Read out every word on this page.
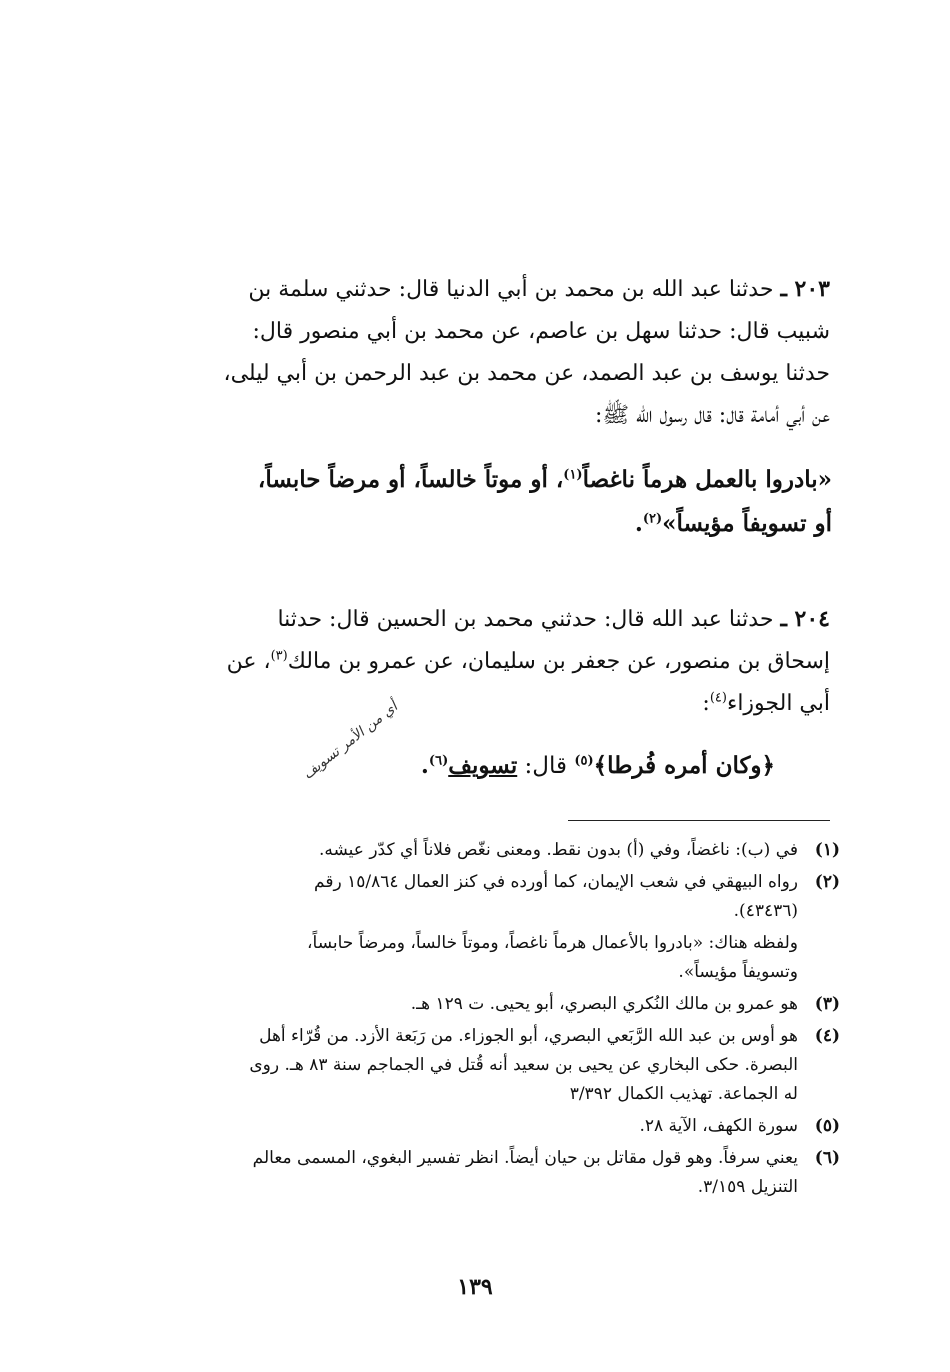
٢٠٣ ـ حدثنا عبد الله بن محمد بن أبي الدنيا قال: حدثني سلمة بن
شبيب قال: حدثنا سهل بن عاصم، عن محمد بن أبي منصور قال:
حدثنا يوسف بن عبد الصمد، عن محمد بن عبد الرحمن بن أبي ليلى،
عن أبي أمامة قال: قال رسول الله ﷺ:
«بادروا بالعمل هرماً ناغصاً$^{(١)}$، أو موتاً خالساً، أو مرضاً حابساً،
أو تسويفاً مؤيساً»$^{(٢)}$.
٢٠٤ ـ حدثنا عبد الله قال: حدثني محمد بن الحسين قال: حدثنا
إسحاق بن منصور، عن جعفر بن سليمان، عن عمرو بن مالك$^{(٣)}$، عن
أبي الجوزاء$^{(٤)}$:
﴿وكان أمره فُرطا﴾$^{(٥)}$ قال: تسويف$^{(٦)}$.
أي من الأمر تسويف
(١)
في (ب): ناغضاً، وفي (أ) بدون نقط. ومعنى نغّص فلاناً أي كدّر عيشه.
(٢)
رواه البيهقي في شعب الإيمان، كما أورده في كنز العمال ١٥/٨٦٤ رقم
(٤٣٤٣٦).
ولفظه هناك: «بادروا بالأعمال هرماً ناغصاً، وموتاً خالساً، ومرضاً حابساً،
وتسويفاً مؤيساً».
(٣)
هو عمرو بن مالك النُكري البصري، أبو يحيى. ت ١٢٩ هـ.
(٤)
هو أوس بن عبد الله الرَّبَعي البصري، أبو الجوزاء. من رَبَعة الأزد. من قُرّاء أهل
البصرة. حكى البخاري عن يحيى بن سعيد أنه قُتل في الجماجم سنة ٨٣ هـ. روى
له الجماعة. تهذيب الكمال ٣/٣٩٢
(٥)
سورة الكهف، الآية ٢٨.
(٦)
يعني سرفاً. وهو قول مقاتل بن حيان أيضاً. انظر تفسير البغوي، المسمى معالم
التنزيل ٣/١٥٩.
١٣٩
